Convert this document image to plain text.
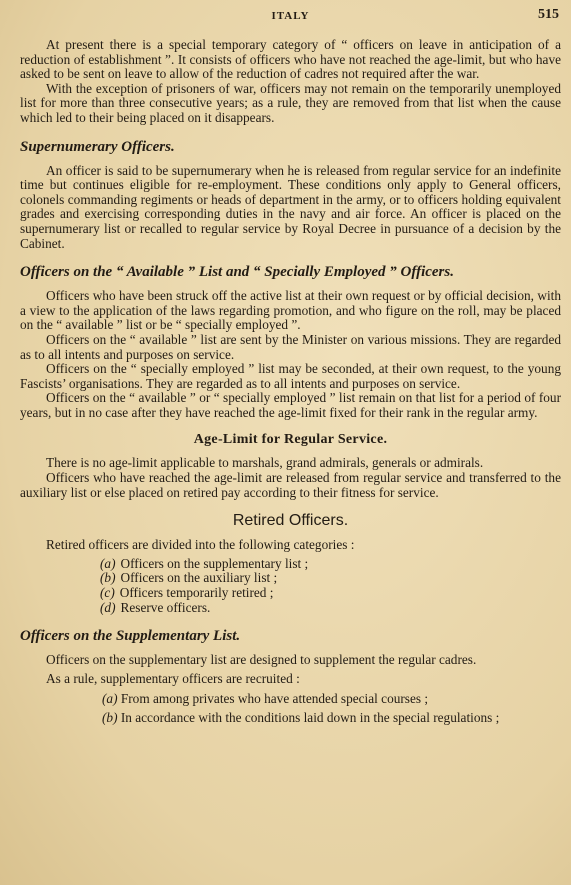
ITALY	515

At present there is a special temporary category of “ officers on leave in anticipation of a reduction of establishment ”. It consists of officers who have not reached the age-limit, but who have asked to be sent on leave to allow of the reduction of cadres not required after the war.

With the exception of prisoners of war, officers may not remain on the temporarily unemployed list for more than three consecutive years; as a rule, they are removed from that list when the cause which led to their being placed on it disappears.

Supernumerary Officers.

An officer is said to be supernumerary when he is released from regular service for an indefinite time but continues eligible for re-employment. These conditions only apply to General officers, colonels commanding regiments or heads of department in the army, or to officers holding equivalent grades and exercising corresponding duties in the navy and air force. An officer is placed on the supernumerary list or recalled to regular service by Royal Decree in pursuance of a decision by the Cabinet.

Officers on the “ Available ” List and “ Specially Employed ” Officers.

Officers who have been struck off the active list at their own request or by official decision, with a view to the application of the laws regarding promotion, and who figure on the roll, may be placed on the “ available ” list or be “ specially employed ”.

Officers on the “ available ” list are sent by the Minister on various missions. They are regarded as to all intents and purposes on service.

Officers on the “ specially employed ” list may be seconded, at their own request, to the young Fascists’ organisations. They are regarded as to all intents and purposes on service.

Officers on the “ available ” or “ specially employed ” list remain on that list for a period of four years, but in no case after they have reached the age-limit fixed for their rank in the regular army.

Age-Limit for Regular Service.

There is no age-limit applicable to marshals, grand admirals, generals or admirals.

Officers who have reached the age-limit are released from regular service and transferred to the auxiliary list or else placed on retired pay according to their fitness for service.

Retired Officers.

Retired officers are divided into the following categories :

(a) Officers on the supplementary list ;
(b) Officers on the auxiliary list ;
(c) Officers temporarily retired ;
(d) Reserve officers.
Officers on the Supplementary List.

Officers on the supplementary list are designed to supplement the regular cadres.

As a rule, supplementary officers are recruited :

(a) From among privates who have attended special courses ;

(b) In accordance with the conditions laid down in the special regulations ;
